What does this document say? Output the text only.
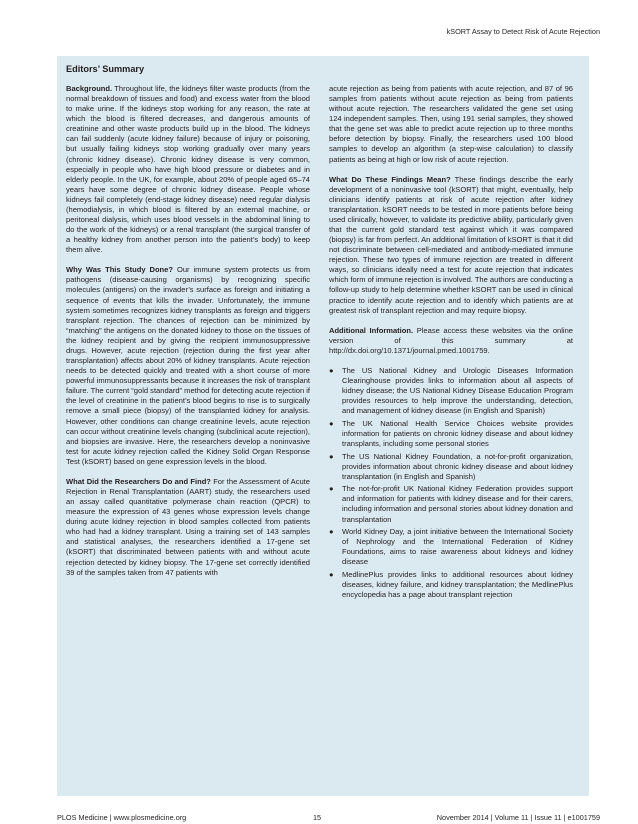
kSORT Assay to Detect Risk of Acute Rejection
Editors’ Summary

Background. Throughout life, the kidneys filter waste products (from the normal breakdown of tissues and food) and excess water from the blood to make urine. If the kidneys stop working for any reason, the rate at which the blood is filtered decreases, and dangerous amounts of creatinine and other waste products build up in the blood. The kidneys can fail suddenly (acute kidney failure) because of injury or poisoning, but usually failing kidneys stop working gradually over many years (chronic kidney disease). Chronic kidney disease is very common, especially in people who have high blood pressure or diabetes and in elderly people. In the UK, for example, about 20% of people aged 65–74 years have some degree of chronic kidney disease. People whose kidneys fail completely (end-stage kidney disease) need regular dialysis (hemodialysis, in which blood is filtered by an external machine, or peritoneal dialysis, which uses blood vessels in the abdominal lining to do the work of the kidneys) or a renal transplant (the surgical transfer of a healthy kidney from another person into the patient’s body) to keep them alive.

Why Was This Study Done? Our immune system protects us from pathogens (disease-causing organisms) by recognizing specific molecules (antigens) on the invader’s surface as foreign and initiating a sequence of events that kills the invader. Unfortunately, the immune system sometimes recognizes kidney transplants as foreign and triggers transplant rejection. The chances of rejection can be minimized by “matching” the antigens on the donated kidney to those on the tissues of the kidney recipient and by giving the recipient immunosuppressive drugs. However, acute rejection (rejection during the first year after transplantation) affects about 20% of kidney transplants. Acute rejection needs to be detected quickly and treated with a short course of more powerful immunosuppressants because it increases the risk of transplant failure. The current “gold standard” method for detecting acute rejection if the level of creatinine in the patient’s blood begins to rise is to surgically remove a small piece (biopsy) of the transplanted kidney for analysis. However, other conditions can change creatinine levels, acute rejection can occur without creatinine levels changing (subclinical acute rejection), and biopsies are invasive. Here, the researchers develop a noninvasive test for acute kidney rejection called the Kidney Solid Organ Response Test (kSORT) based on gene expression levels in the blood.

What Did the Researchers Do and Find? For the Assessment of Acute Rejection in Renal Transplantation (AART) study, the researchers used an assay called quantitative polymerase chain reaction (QPCR) to measure the expression of 43 genes whose expression levels change during acute kidney rejection in blood samples collected from patients who had had a kidney transplant. Using a training set of 143 samples and statistical analyses, the researchers identified a 17-gene set (kSORT) that discriminated between patients with and without acute rejection detected by kidney biopsy. The 17-gene set correctly identified 39 of the samples taken from 47 patients with

acute rejection as being from patients with acute rejection, and 87 of 96 samples from patients without acute rejection as being from patients without acute rejection. The researchers validated the gene set using 124 independent samples. Then, using 191 serial samples, they showed that the gene set was able to predict acute rejection up to three months before detection by biopsy. Finally, the researchers used 100 blood samples to develop an algorithm (a step-wise calculation) to classify patients as being at high or low risk of acute rejection.

What Do These Findings Mean? These findings describe the early development of a noninvasive tool (kSORT) that might, eventually, help clinicians identify patients at risk of acute rejection after kidney transplantation. kSORT needs to be tested in more patients before being used clinically, however, to validate its predictive ability, particularly given that the current gold standard test against which it was compared (biopsy) is far from perfect. An additional limitation of kSORT is that it did not discriminate between cell-mediated and antibody-mediated immune rejection. These two types of immune rejection are treated in different ways, so clinicians ideally need a test for acute rejection that indicates which form of immune rejection is involved. The authors are conducting a follow-up study to help determine whether kSORT can be used in clinical practice to identify acute rejection and to identify which patients are at greatest risk of transplant rejection and may require biopsy.

Additional Information. Please access these websites via the online version of this summary at http://dx.doi.org/10.1371/journal.pmed.1001759.

● The US National Kidney and Urologic Diseases Information Clearinghouse provides links to information about all aspects of kidney disease; the US National Kidney Disease Education Program provides resources to help improve the understanding, detection, and management of kidney disease (in English and Spanish)
● The UK National Health Service Choices website provides information for patients on chronic kidney disease and about kidney transplants, including some personal stories
● The US National Kidney Foundation, a not-for-profit organization, provides information about chronic kidney disease and about kidney transplantation (in English and Spanish)
● The not-for-profit UK National Kidney Federation provides support and information for patients with kidney disease and for their carers, including information and personal stories about kidney donation and transplantation
● World Kidney Day, a joint initiative between the International Society of Nephrology and the International Federation of Kidney Foundations, aims to raise awareness about kidneys and kidney disease
● MedlinePlus provides links to additional resources about kidney diseases, kidney failure, and kidney transplantation; the MedlinePlus encyclopedia has a page about transplant rejection
PLOS Medicine | www.plosmedicine.org	15	November 2014 | Volume 11 | Issue 11 | e1001759
